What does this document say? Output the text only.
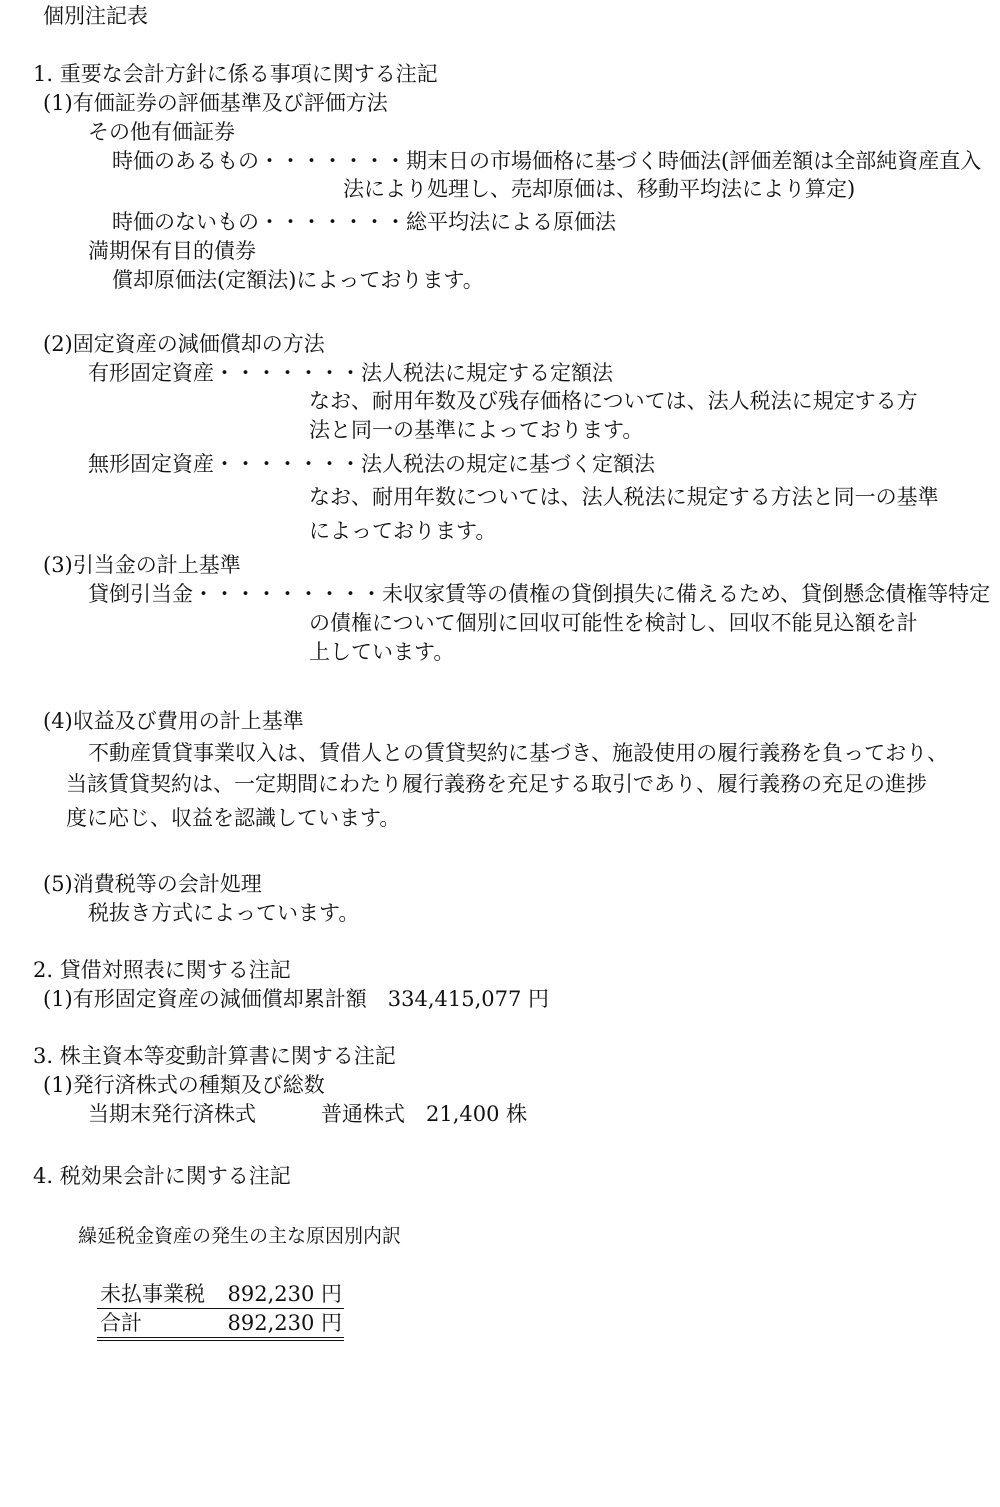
個別注記表
1. 重要な会計方針に係る事項に関する注記
(1)有価証券の評価基準及び評価方法
その他有価証券
時価のあるもの・・・・・・・期末日の市場価格に基づく時価法(評価差額は全部純資産直入
法により処理し、売却原価は、移動平均法により算定)
時価のないもの・・・・・・・総平均法による原価法
満期保有目的債券
償却原価法(定額法)によっております。
(2)固定資産の減価償却の方法
有形固定資産・・・・・・・法人税法に規定する定額法
なお、耐用年数及び残存価格については、法人税法に規定する方
法と同一の基準によっております。
無形固定資産・・・・・・・法人税法の規定に基づく定額法
なお、耐用年数については、法人税法に規定する方法と同一の基準
によっております。
(3)引当金の計上基準
貸倒引当金・・・・・・・・・未収家賃等の債権の貸倒損失に備えるため、貸倒懸念債権等特定
の債権について個別に回収可能性を検討し、回収不能見込額を計
上しています。
(4)収益及び費用の計上基準
不動産賃貸事業収入は、賃借人との賃貸契約に基づき、施設使用の履行義務を負っており、
当該賃貸契約は、一定期間にわたり履行義務を充足する取引であり、履行義務の充足の進捗
度に応じ、収益を認識しています。
(5)消費税等の会計処理
税抜き方式によっています。
2. 貸借対照表に関する注記
(1)有形固定資産の減価償却累計額　334,415,077 円
3. 株主資本等変動計算書に関する注記
(1)発行済株式の種類及び総数
当期末発行済株式	普通株式　21,400 株
4. 税効果会計に関する注記
繰延税金資産の発生の主な原因別内訳
未払事業税 892,230 円
合計	892,230 円
